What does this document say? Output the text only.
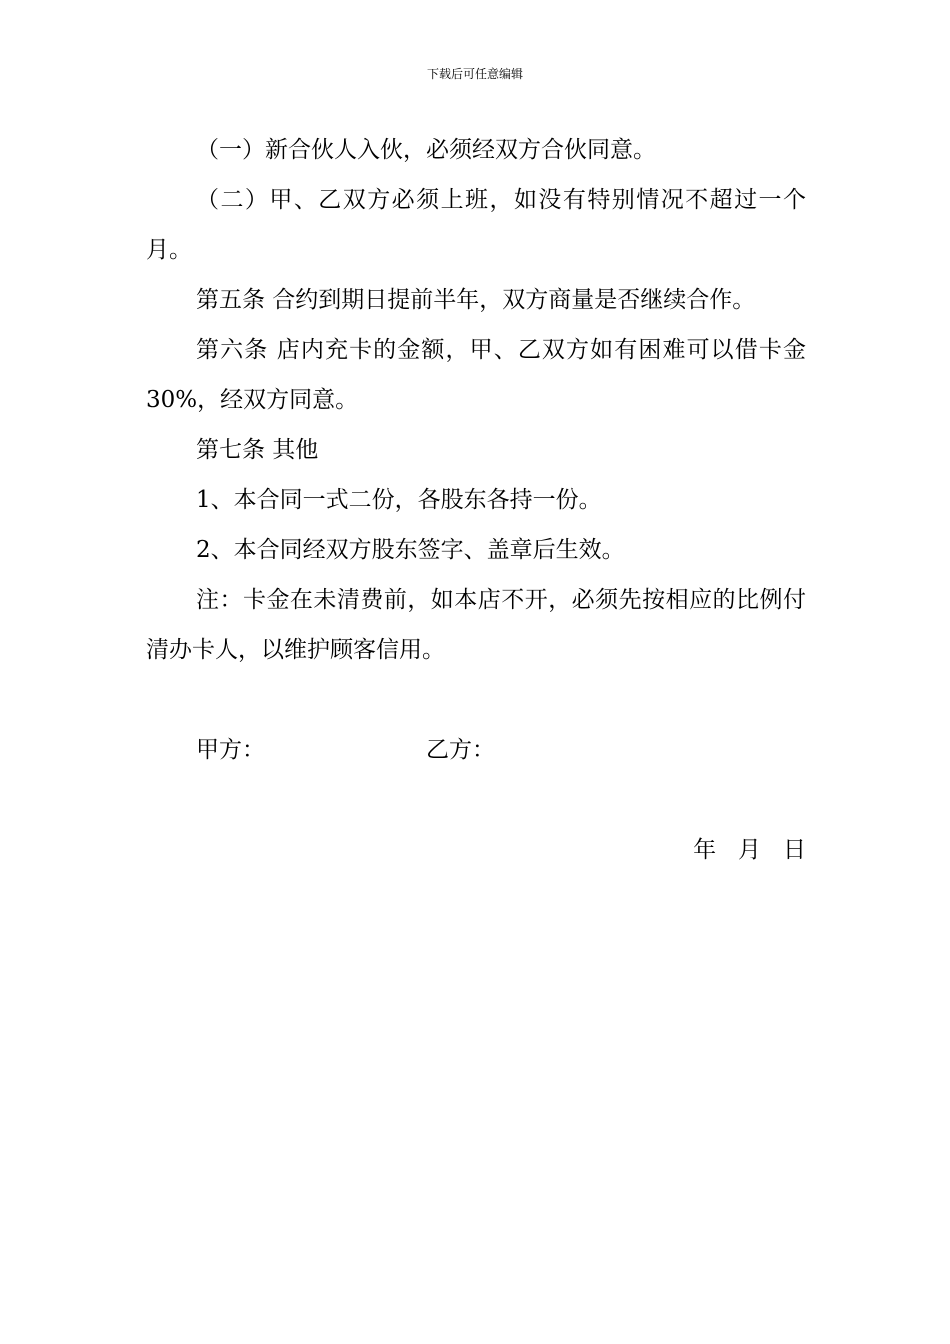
下载后可任意编辑

（一）新合伙人入伙，必须经双方合伙同意。

（二）甲、乙双方必须上班，如没有特别情况不超过一个月。

第五条 合约到期日提前半年，双方商量是否继续合作。

第六条 店内充卡的金额，甲、乙双方如有困难可以借卡金30%，经双方同意。

第七条 其他

1、本合同一式二份，各股东各持一份。

2、本合同经双方股东签字、盖章后生效。

注：卡金在未清费前，如本店不开，必须先按相应的比例付清办卡人，以维护顾客信用。

甲方：	乙方：
年   月   日
